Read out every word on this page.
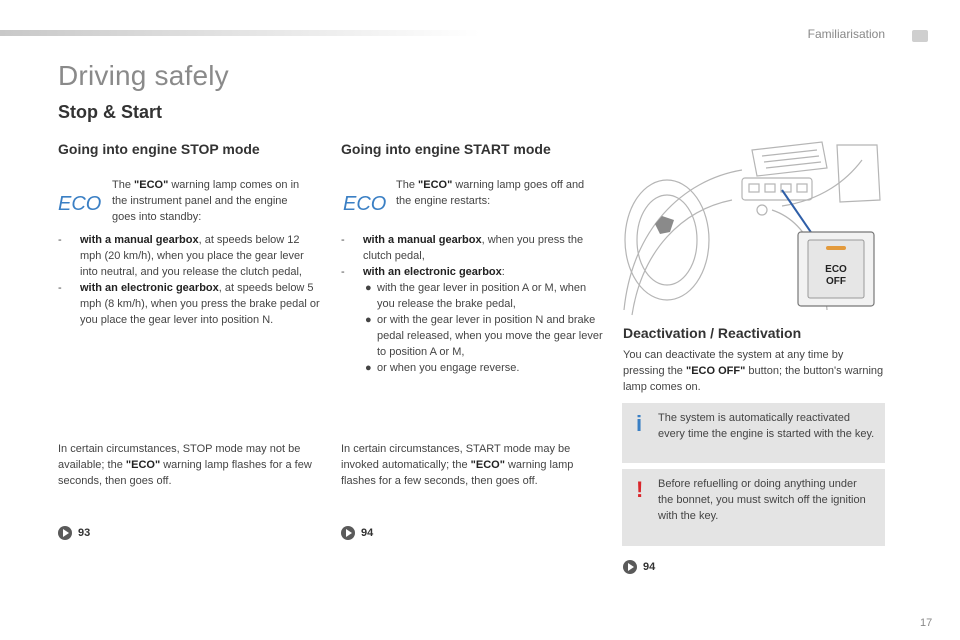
Familiarisation
Driving safely
Stop & Start
Going into engine STOP mode
ECO
The "ECO" warning lamp comes on in the instrument panel and the engine goes into standby:
- with a manual gearbox, at speeds below 12 mph (20 km/h), when you place the gear lever into neutral, and you release the clutch pedal,
- with an electronic gearbox, at speeds below 5 mph (8 km/h), when you press the brake pedal or you place the gear lever into position N.
In certain circumstances, STOP mode may not be available; the "ECO" warning lamp flashes for a few seconds, then goes off.
93
Going into engine START mode
ECO
The "ECO" warning lamp goes off and the engine restarts:
- with a manual gearbox, when you press the clutch pedal,
- with an electronic gearbox:
● with the gear lever in position A or M, when you release the brake pedal,
● or with the gear lever in position N and brake pedal released, when you move the gear lever to position A or M,
● or when you engage reverse.
In certain circumstances, START mode may be invoked automatically; the "ECO" warning lamp flashes for a few seconds, then goes off.
94
ECO
OFF
Deactivation / Reactivation
You can deactivate the system at any time by pressing the "ECO OFF" button; the button's warning lamp comes on.
i The system is automatically reactivated every time the engine is started with the key.
! Before refuelling or doing anything under the bonnet, you must switch off the ignition with the key.
94
17
